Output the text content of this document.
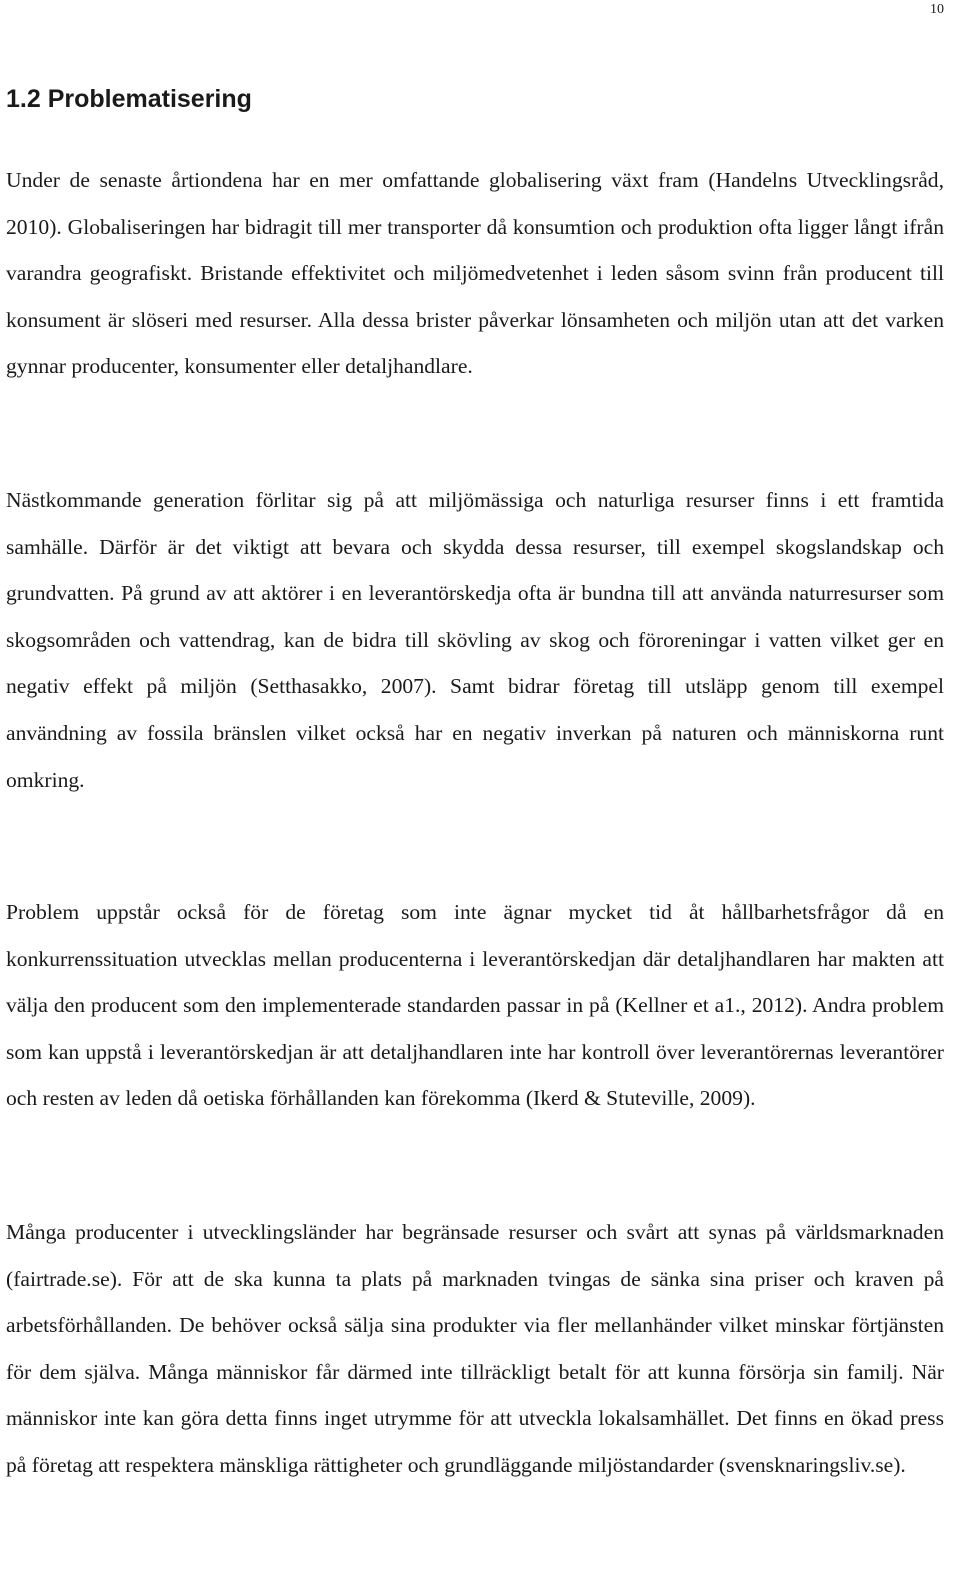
10
1.2 Problematisering

Under de senaste årtiondena har en mer omfattande globalisering växt fram (Handelns Utvecklingsråd, 2010). Globaliseringen har bidragit till mer transporter då konsumtion och produktion ofta ligger långt ifrån varandra geografiskt. Bristande effektivitet och miljömedvetenhet i leden såsom svinn från producent till konsument är slöseri med resurser. Alla dessa brister påverkar lönsamheten och miljön utan att det varken gynnar producenter, konsumenter eller detaljhandlare.

Nästkommande generation förlitar sig på att miljömässiga och naturliga resurser finns i ett framtida samhälle. Därför är det viktigt att bevara och skydda dessa resurser, till exempel skogslandskap och grundvatten. På grund av att aktörer i en leverantörskedja ofta är bundna till att använda naturresurser som skogsområden och vattendrag, kan de bidra till skövling av skog och föroreningar i vatten vilket ger en negativ effekt på miljön (Setthasakko, 2007). Samt bidrar företag till utsläpp genom till exempel användning av fossila bränslen vilket också har en negativ inverkan på naturen och människorna runt omkring.

Problem uppstår också för de företag som inte ägnar mycket tid åt hållbarhetsfrågor då en konkurrenssituation utvecklas mellan producenterna i leverantörskedjan där detaljhandlaren har makten att välja den producent som den implementerade standarden passar in på (Kellner et a1., 2012). Andra problem som kan uppstå i leverantörskedjan är att detaljhandlaren inte har kontroll över leverantörernas leverantörer och resten av leden då oetiska förhållanden kan förekomma (Ikerd & Stuteville, 2009).

Många producenter i utvecklingsländer har begränsade resurser och svårt att synas på världsmarknaden (fairtrade.se). För att de ska kunna ta plats på marknaden tvingas de sänka sina priser och kraven på arbetsförhållanden. De behöver också sälja sina produkter via fler mellanhänder vilket minskar förtjänsten för dem själva. Många människor får därmed inte tillräckligt betalt för att kunna försörja sin familj. När människor inte kan göra detta finns inget utrymme för att utveckla lokalsamhället. Det finns en ökad press på företag att respektera mänskliga rättigheter och grundläggande miljöstandarder (svensknaringsliv.se).
